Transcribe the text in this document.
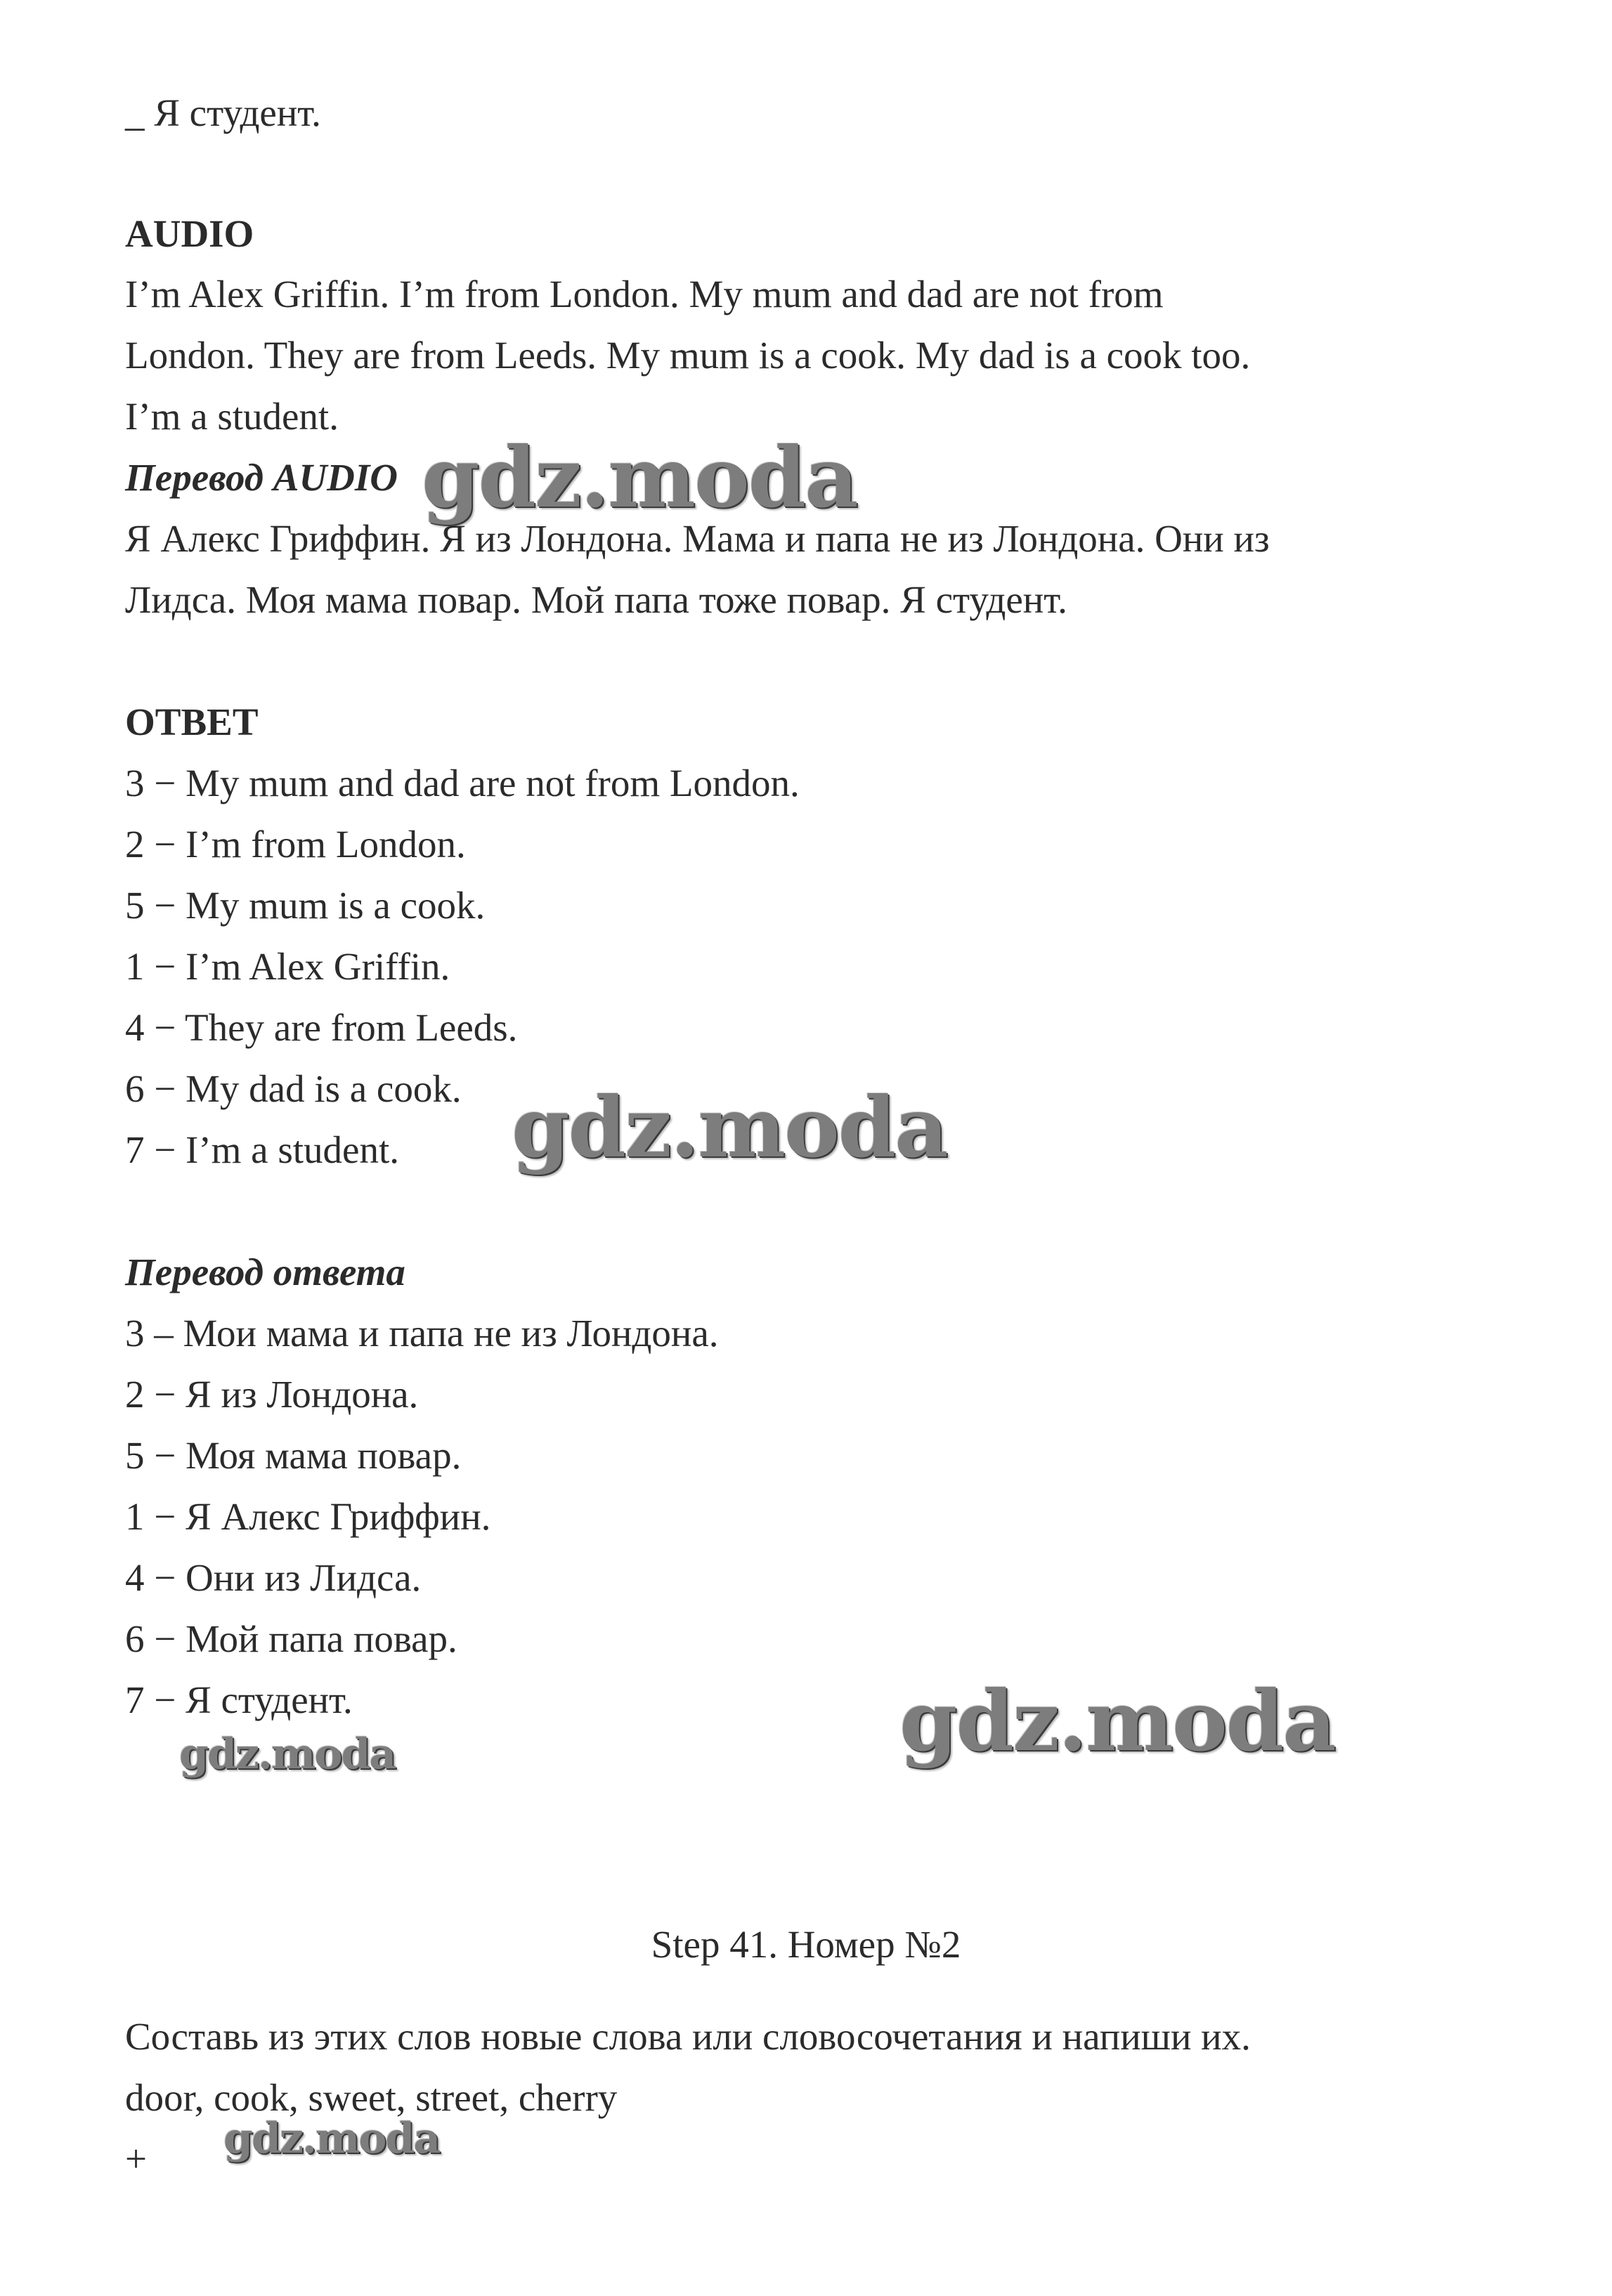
_ Я студент.
AUDIO
I’m Alex Griffin. I’m from London. My mum and dad are not from
London. They are from Leeds. My mum is a cook. My dad is a cook too.
I’m a student.
Перевод AUDIO
Я Алекс Гриффин. Я из Лондона. Мама и папа не из Лондона. Они из
Лидса. Моя мама повар. Мой папа тоже повар. Я студент.
ОТВЕТ
3 − My mum and dad are not from London.
2 − I’m from London.
5 − My mum is a cook.
1 − I’m Alex Griffin.
4 − They are from Leeds.
6 − My dad is a cook.
7 − I’m a student.
Перевод ответа
3 – Мои мама и папа не из Лондона.
2 − Я из Лондона.
5 − Моя мама повар.
1 − Я Алекс Гриффин.
4 − Они из Лидса.
6 − Мой папа повар.
7 − Я студент.
Step 41. Номер №2
Составь из этих слов новые слова или словосочетания и напиши их.
door, cook, sweet, street, cherry
+
gdz.moda
gdz.moda
gdz.moda
gdz.moda
gdz.moda
